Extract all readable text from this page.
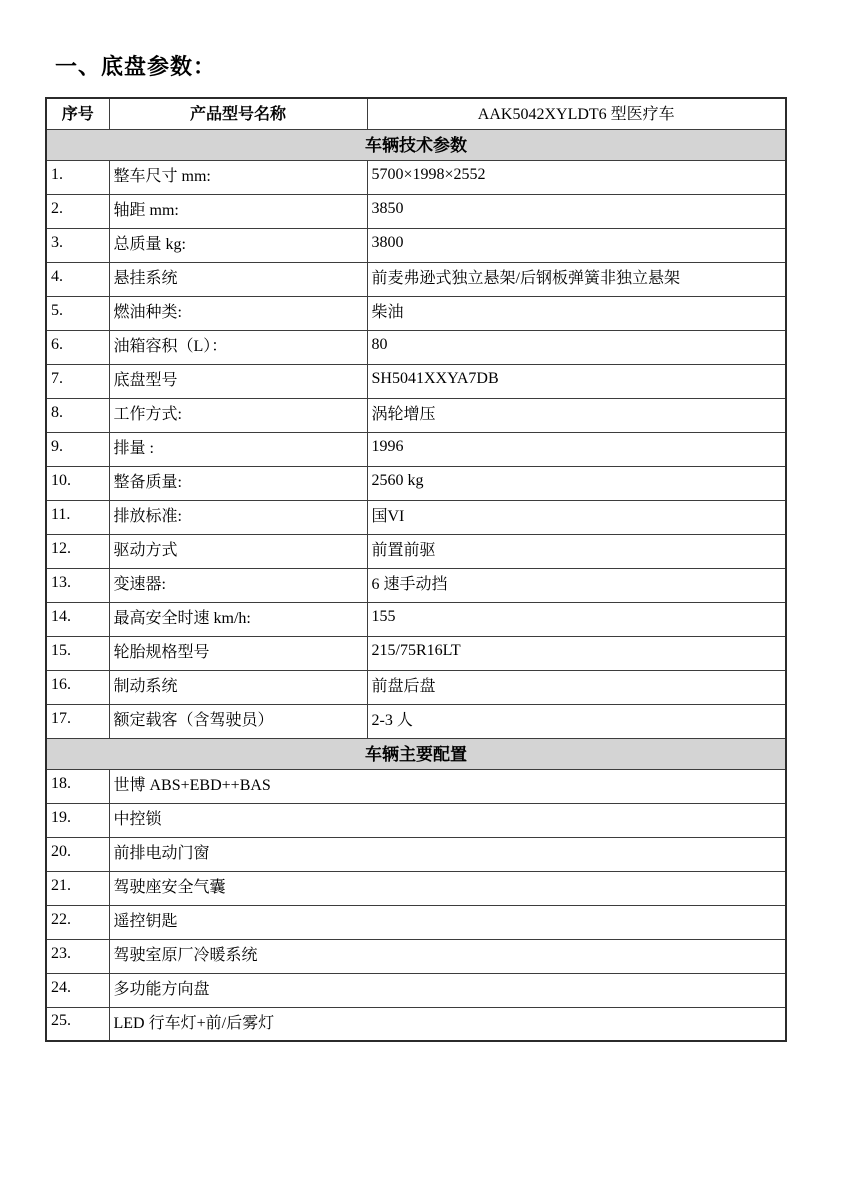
一、底盘参数：
序号	产品型号名称	AAK5042XYLDT6 型医疗车
车辆技术参数		
1.	整车尺寸 mm:	5700×1998×2552
2.	轴距 mm:	3850
3.	总质量 kg:	3800
4.	悬挂系统	前麦弗逊式独立悬架/后钢板弹簧非独立悬架
5.	燃油种类:	柴油
6.	油箱容积（L）：	80
7.	底盘型号	SH5041XXYA7DB
8.	工作方式:	涡轮增压
9.	排量 :	1996
10.	整备质量:	2560 kg
11.	排放标准:	国VI
12.	驱动方式	前置前驱
13.	变速器:	6 速手动挡
14.	最高安全时速 km/h:	155
15.	轮胎规格型号	215/75R16LT
16.	制动系统	前盘后盘
17.	额定载客（含驾驶员）	2-3 人
车辆主要配置		
18.	世博 ABS+EBD++BAS	
19.	中控锁	
20.	前排电动门窗	
21.	驾驶座安全气囊	
22.	遥控钥匙	
23.	驾驶室原厂冷暖系统	
24.	多功能方向盘	
25.	LED 行车灯+前/后雾灯	
